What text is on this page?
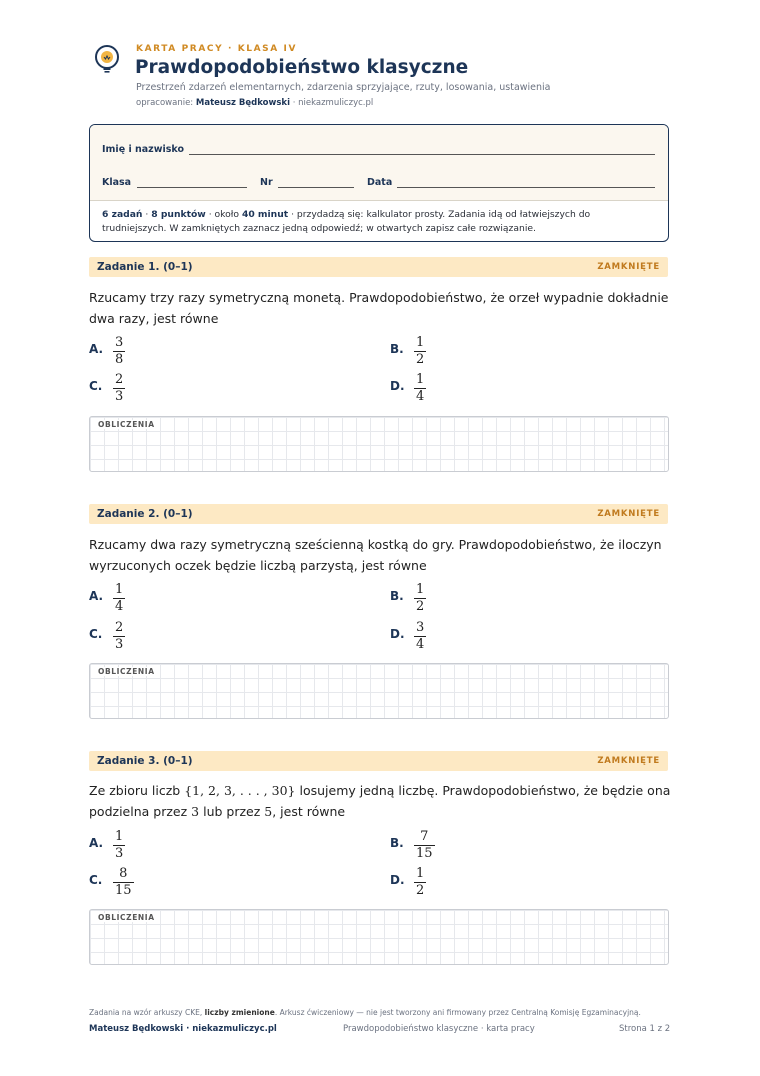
KARTA PRACY · KLASA IV
Prawdopodobieństwo klasyczne
Przestrzeń zdarzeń elementarnych, zdarzenia sprzyjające, rzuty, losowania, ustawienia
opracowanie: Mateusz Będkowski · niekazmuliczyc.pl
Imię i nazwisko
Klasa	Nr	Data
6 zadań · 8 punktów · około 40 minut · przydadzą się: kalkulator prosty. Zadania idą od łatwiejszych do trudniejszych. W zamkniętych zaznacz jedną odpowiedź; w otwartych zapisz całe rozwiązanie.
Zadanie 1. (0–1)	ZAMKNIĘTE
Rzucamy trzy razy symetryczną monetą. Prawdopodobieństwo, że orzeł wypadnie dokładnie dwa razy, jest równe
A. $\frac{3}{8}$	B. $\frac{1}{2}$
C. $\frac{2}{3}$	D. $\frac{1}{4}$
OBLICZENIA
Zadanie 2. (0–1)	ZAMKNIĘTE
Rzucamy dwa razy symetryczną sześcienną kostką do gry. Prawdopodobieństwo, że iloczyn wyrzuconych oczek będzie liczbą parzystą, jest równe
A. $\frac{1}{4}$	B. $\frac{1}{2}$
C. $\frac{2}{3}$	D. $\frac{3}{4}$
OBLICZENIA
Zadanie 3. (0–1)	ZAMKNIĘTE
Ze zbioru liczb {1, 2, 3, . . . , 30} losujemy jedną liczbę. Prawdopodobieństwo, że będzie ona podzielna przez 3 lub przez 5, jest równe
A. $\frac{1}{3}$	B. $\frac{7}{15}$
C. $\frac{8}{15}$	D. $\frac{1}{2}$
OBLICZENIA
Zadania na wzór arkuszy CKE, liczby zmienione. Arkusz ćwiczeniowy — nie jest tworzony ani firmowany przez Centralną Komisję Egzaminacyjną.
Mateusz Będkowski · niekazmuliczyc.pl	Prawdopodobieństwo klasyczne · karta pracy	Strona 1 z 2
